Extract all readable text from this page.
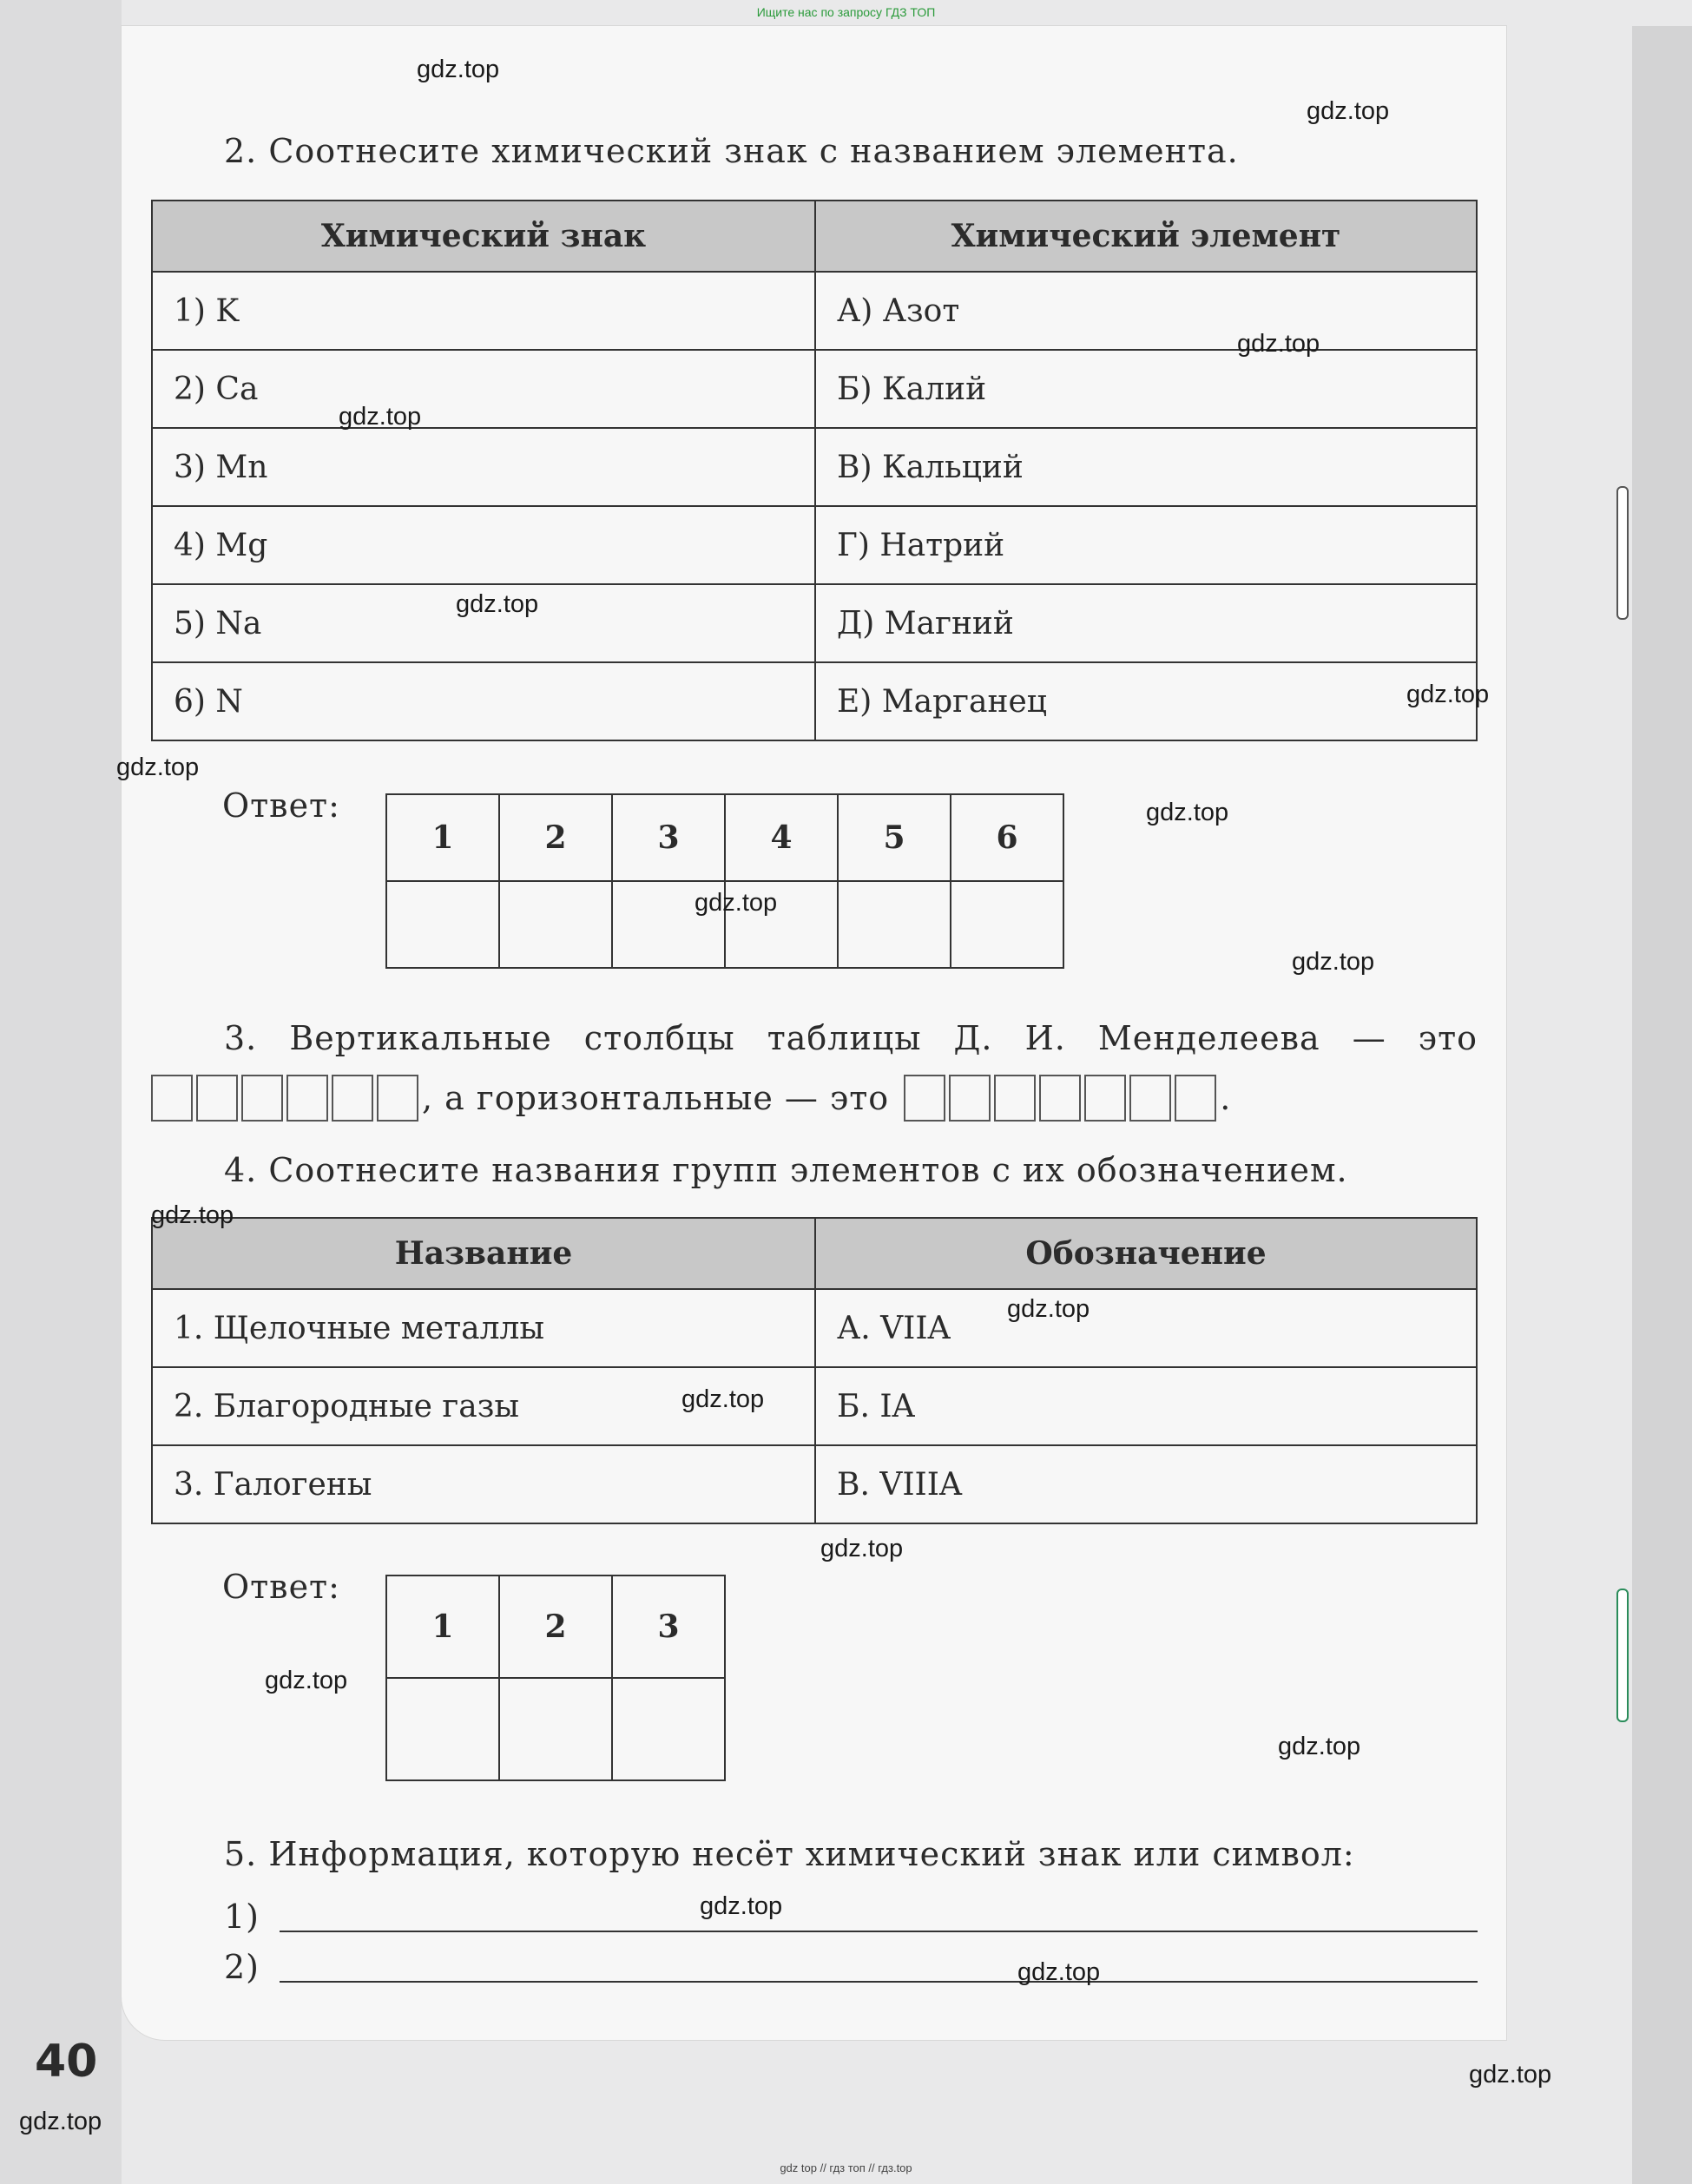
Ищите нас по запросу ГДЗ ТОП
2. Соотнесите химический знак с названием элемента.
Химический знак	Химический элемент
1) K	А) Азот
2) Ca	Б) Калий
3) Mn	В) Кальций
4) Mg	Г) Натрий
5) Na	Д) Магний
6) N	Е) Марганец
Ответ:
1	2	3	4	5	6

3. Вертикальные столбцы таблицы Д. И. Менделеева — это
, а горизонтальные — это	.
4. Соотнесите названия групп элементов с их обозначением.
Название	Обозначение
1. Щелочные металлы	А. VIIA
2. Благородные газы	Б. IA
3. Галогены	В. VIIIA
Ответ:
1	2	3

5. Информация, которую несёт химический знак или символ:
1)
2)
40
gdz.top
gdz.top
gdz.top
gdz.top
gdz.top
gdz.top
gdz.top
gdz.top
gdz.top
gdz.top
gdz.top
gdz.top
gdz.top
gdz.top
gdz.top
gdz.top
gdz.top
gdz.top
gdz.top
gdz.top
gdz top // гдз топ // гдз.top
